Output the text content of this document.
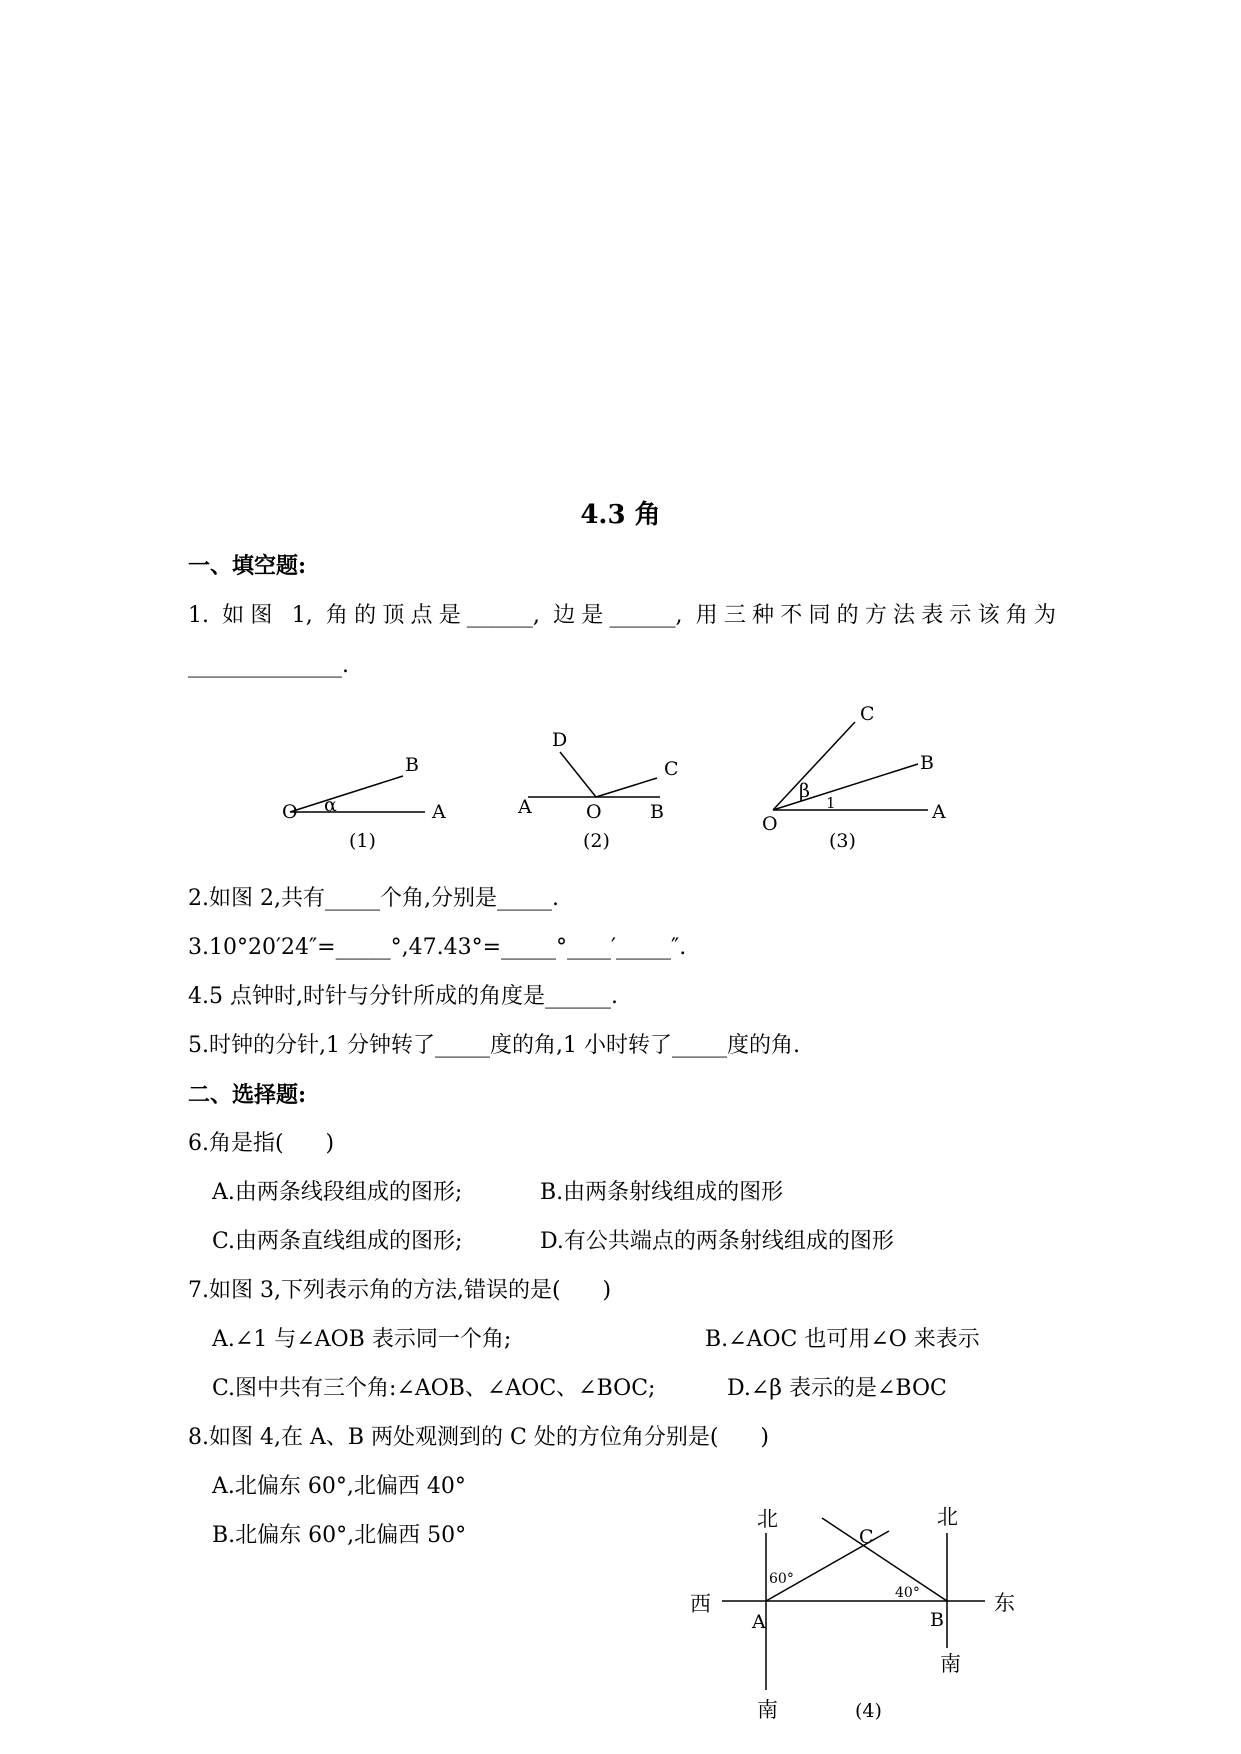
4.3 角
一、填空题:
1. 如图 1, 角的顶点是______, 边是______, 用三种不同的方法表示该角为
______________.
O	A
B
α
(1)
A	O	B
C
D
(2)
O
A
B
C
β
1
(3)
2.如图 2,共有_____个角,分别是_____.
3.10°20′24″=_____°,47.43°=_____°____′_____″.
4.5 点钟时,时针与分针所成的角度是______.
5.时钟的分针,1 分钟转了_____度的角,1 小时转了_____度的角.
二、选择题:
6.角是指(      )
A.由两条线段组成的图形;	B.由两条射线组成的图形
C.由两条直线组成的图形;	D.有公共端点的两条射线组成的图形
7.如图 3,下列表示角的方法,错误的是(      )
A.∠1 与∠AOB 表示同一个角;	B.∠AOC 也可用∠O 来表示
C.图中共有三个角:∠AOB、∠AOC、∠BOC;	D.∠β 表示的是∠BOC
8.如图 4,在 A、B 两处观测到的 C 处的方位角分别是(      )
A.北偏东 60°,北偏西 40°
B.北偏东 60°,北偏西 50°
北	北
西	东
南
南
A	B
C
60°
40°
(4)
